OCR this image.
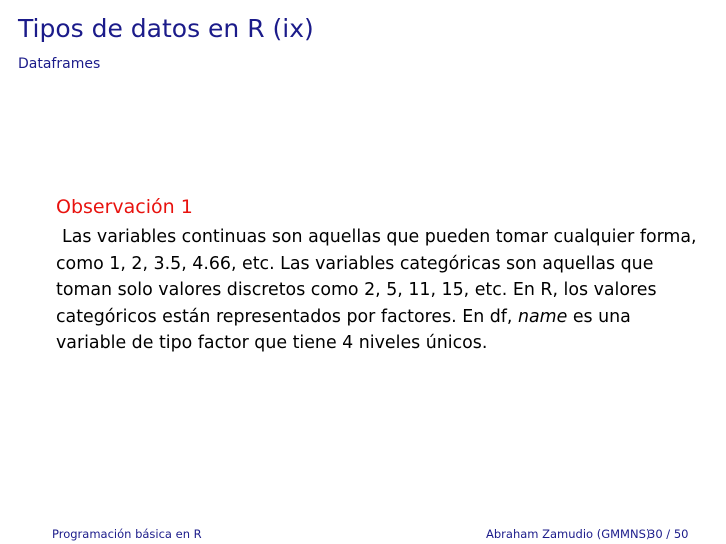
Tipos de datos en R (ix)
Dataframes
Observación 1

Las variables continuas son aquellas que pueden tomar cualquier forma, como 1, 2, 3.5, 4.66, etc. Las variables categóricas son aquellas que toman solo valores discretos como 2, 5, 11, 15, etc. En R, los valores categóricos están representados por factores. En df, name es una variable de tipo factor que tiene 4 niveles únicos.

Programación básica en R	Abraham Zamudio (GMMNS)
30 / 50
